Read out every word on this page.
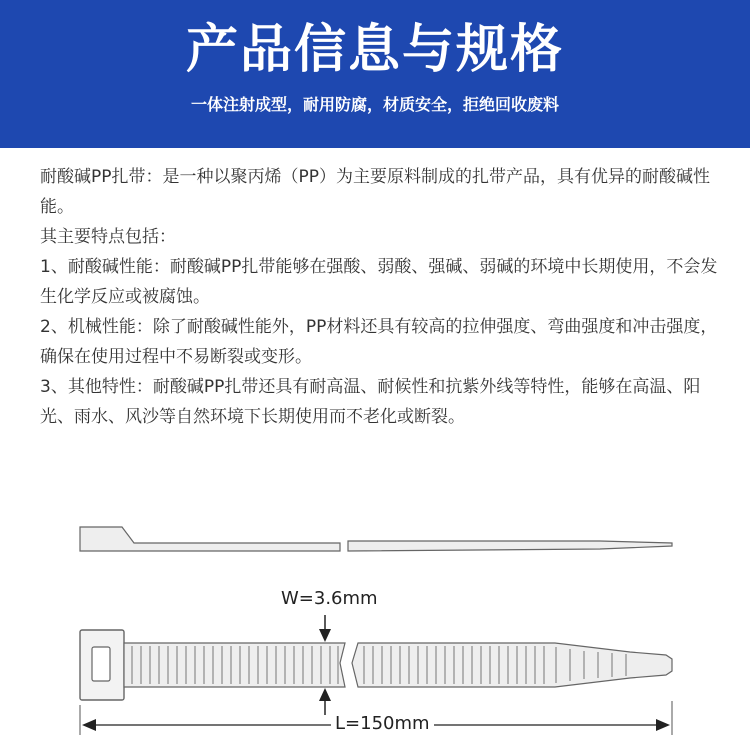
产品信息与规格
一体注射成型，耐用防腐，材质安全，拒绝回收废料

耐酸碱PP扎带：是一种以聚丙烯（PP）为主要原料制成的扎带产品，具有优异的耐酸碱性能。

其主要特点包括：

1、耐酸碱性能：耐酸碱PP扎带能够在强酸、弱酸、强碱、弱碱的环境中长期使用，不会发生化学反应或被腐蚀。

2、机械性能：除了耐酸碱性能外，PP材料还具有较高的拉伸强度、弯曲强度和冲击强度，确保在使用过程中不易断裂或变形。

3、其他特性：耐酸碱PP扎带还具有耐高温、耐候性和抗紫外线等特性，能够在高温、阳光、雨水、风沙等自然环境下长期使用而不老化或断裂。

W=3.6mm
L=150mm
